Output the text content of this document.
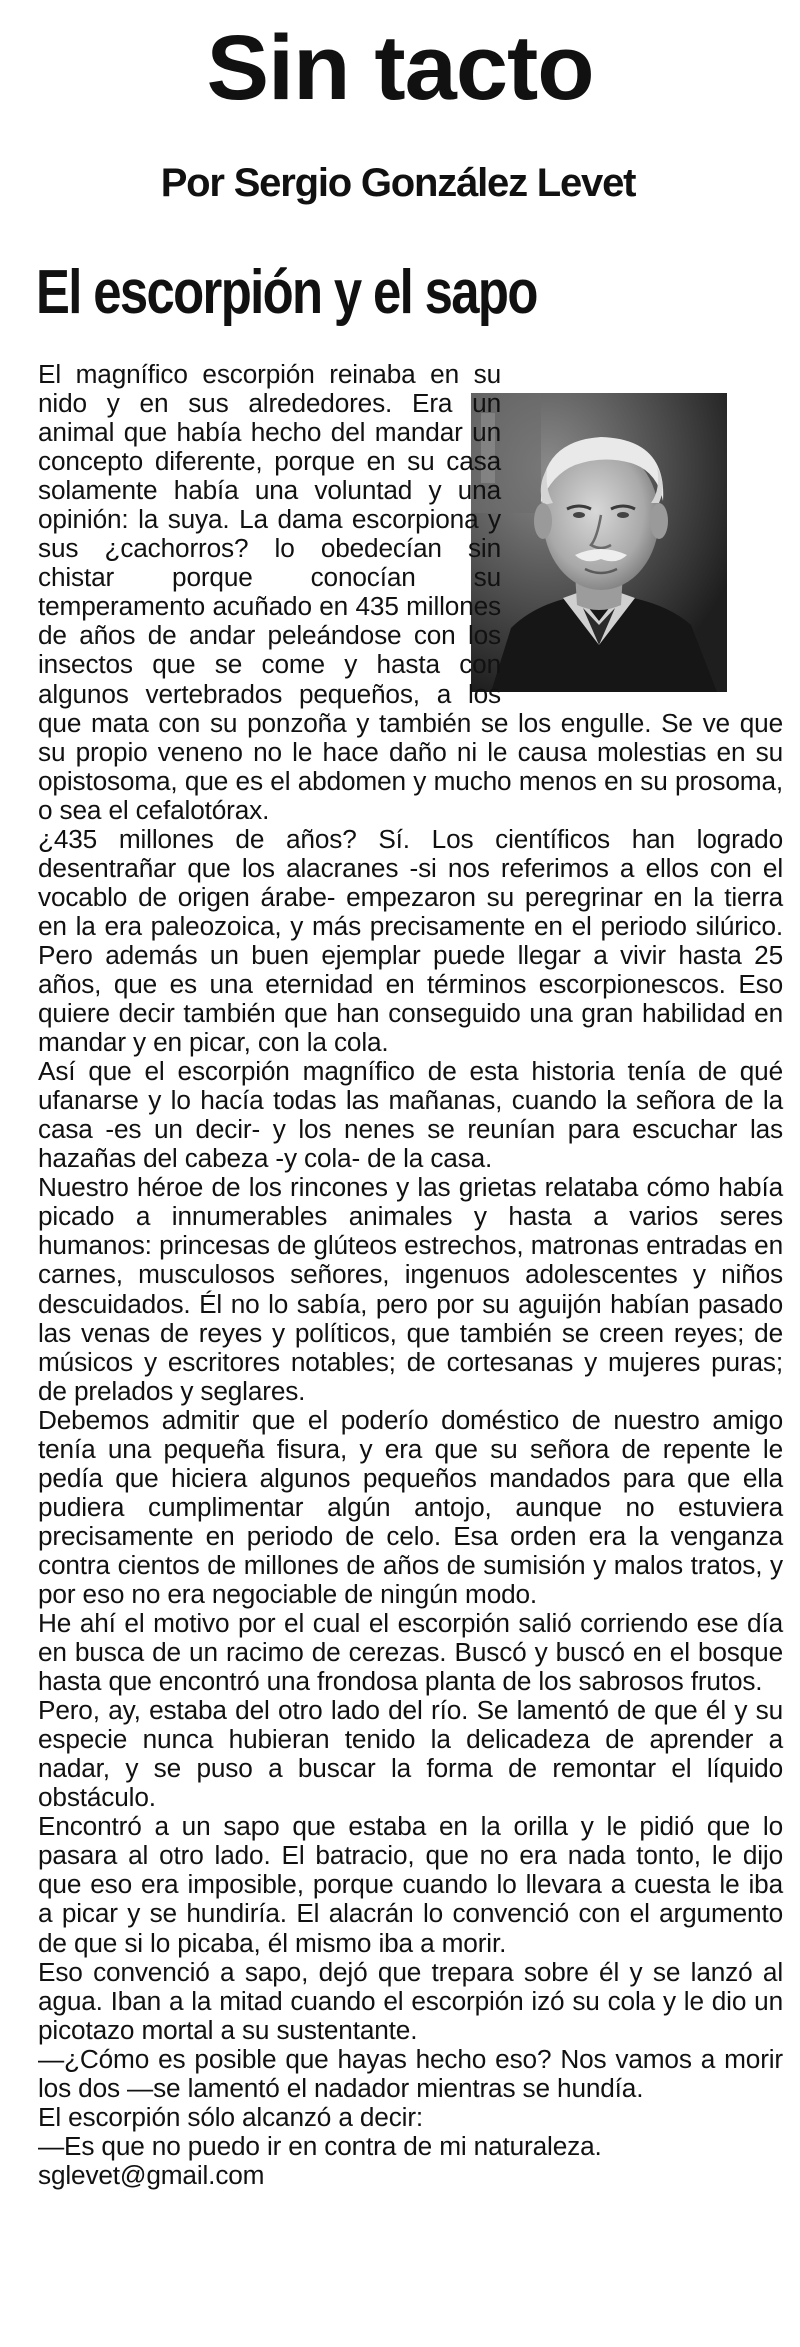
Sin tacto
Por Sergio González Levet
El escorpión y el sapo

El magnífico escorpión reinaba en su nido y en sus alrededores. Era un animal que había hecho del mandar un concepto diferente, porque en su casa solamente había una voluntad y una opinión: la suya. La dama escorpiona y sus ¿cachorros? lo obedecían sin chistar porque conocían su temperamento acuñado en 435 millones de años de andar peleándose con los insectos que se come y hasta con algunos vertebrados pequeños, a los que mata con su ponzoña y también se los engulle. Se ve que su propio veneno no le hace daño ni le causa molestias en su opistosoma, que es el abdomen y mucho menos en su prosoma, o sea el cefalotórax.

¿435 millones de años? Sí. Los científicos han logrado desentrañar que los alacranes -si nos referimos a ellos con el vocablo de origen árabe- empezaron su peregrinar en la tierra en la era paleozoica, y más precisamente en el periodo silúrico. Pero además un buen ejemplar puede llegar a vivir hasta 25 años, que es una eternidad en términos escorpionescos. Eso quiere decir también que han conseguido una gran habilidad en mandar y en picar, con la cola.

Así que el escorpión magnífico de esta historia tenía de qué ufanarse y lo hacía todas las mañanas, cuando la señora de la casa -es un decir- y los nenes se reunían para escuchar las hazañas del cabeza -y cola- de la casa.

Nuestro héroe de los rincones y las grietas relataba cómo había picado a innumerables animales y hasta a varios seres humanos: princesas de glúteos estrechos, matronas entradas en carnes, musculosos señores, ingenuos adolescentes y niños descuidados. Él no lo sabía, pero por su aguijón habían pasado las venas de reyes y políticos, que también se creen reyes; de músicos y escritores notables; de cortesanas y mujeres puras; de prelados y seglares.

Debemos admitir que el poderío doméstico de nuestro amigo tenía una pequeña fisura, y era que su señora de repente le pedía que hiciera algunos pequeños mandados para que ella pudiera cumplimentar algún antojo, aunque no estuviera precisamente en periodo de celo. Esa orden era la venganza contra cientos de millones de años de sumisión y malos tratos, y por eso no era negociable de ningún modo.

He ahí el motivo por el cual el escorpión salió corriendo ese día en busca de un racimo de cerezas. Buscó y buscó en el bosque hasta que encontró una frondosa planta de los sabrosos frutos.

Pero, ay, estaba del otro lado del río. Se lamentó de que él y su especie nunca hubieran tenido la delicadeza de aprender a nadar, y se puso a buscar la forma de remontar el líquido obstáculo.

Encontró a un sapo que estaba en la orilla y le pidió que lo pasara al otro lado. El batracio, que no era nada tonto, le dijo que eso era imposible, porque cuando lo llevara a cuesta le iba a picar y se hundiría. El alacrán lo convenció con el argumento de que si lo picaba, él mismo iba a morir.

Eso convenció a sapo, dejó que trepara sobre él y se lanzó al agua. Iban a la mitad cuando el escorpión izó su cola y le dio un picotazo mortal a su sustentante.

—¿Cómo es posible que hayas hecho eso? Nos vamos a morir los dos —se lamentó el nadador mientras se hundía.

El escorpión sólo alcanzó a decir:

—Es que no puedo ir en contra de mi naturaleza.

sglevet@gmail.com
